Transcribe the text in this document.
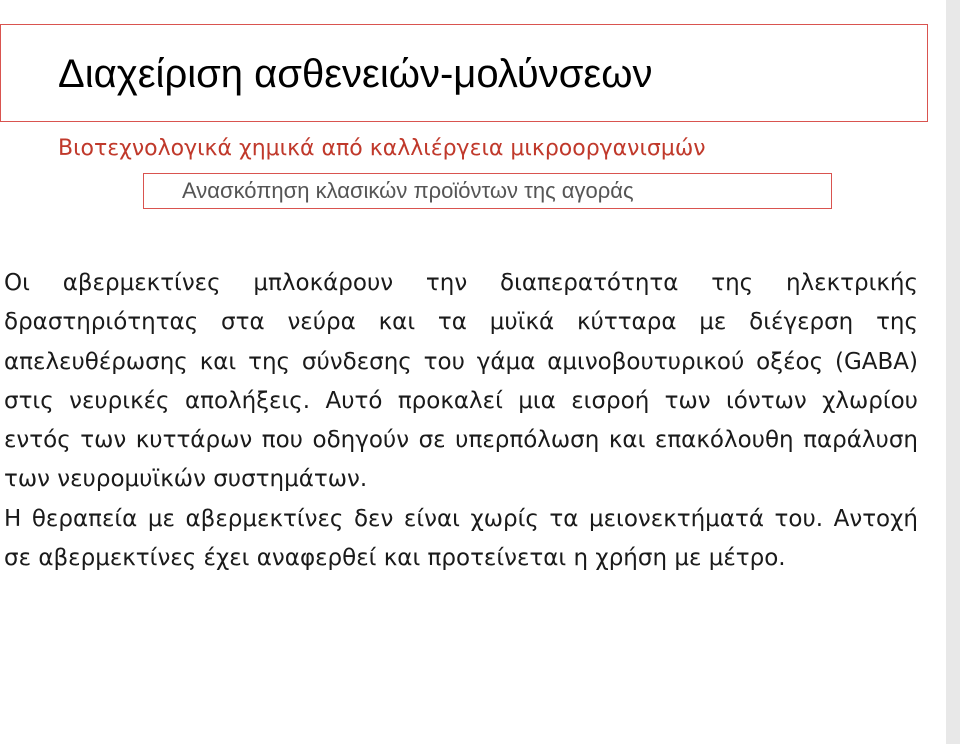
Διαχείριση ασθενειών-μολύνσεων
Βιοτεχνολογικά χημικά από καλλιέργεια μικροοργανισμών
Ανασκόπηση κλασικών προϊόντων της αγοράς

Οι αβερμεκτίνες μπλοκάρουν την διαπερατότητα της ηλεκτρικής δραστηριότητας στα νεύρα και τα μυϊκά κύτταρα με διέγερση της απελευθέρωσης και της σύνδεσης του γάμα αμινοβουτυρικού οξέος (GABA) στις νευρικές απολήξεις. Αυτό προκαλεί μια εισροή των ιόντων χλωρίου εντός των κυττάρων που οδηγούν σε υπερπόλωση και επακόλουθη παράλυση των νευρομυϊκών συστημάτων.

Η θεραπεία με αβερμεκτίνες δεν είναι χωρίς τα μειονεκτήματά του. Αντοχή σε αβερμεκτίνες έχει αναφερθεί και προτείνεται η χρήση με μέτρο.
